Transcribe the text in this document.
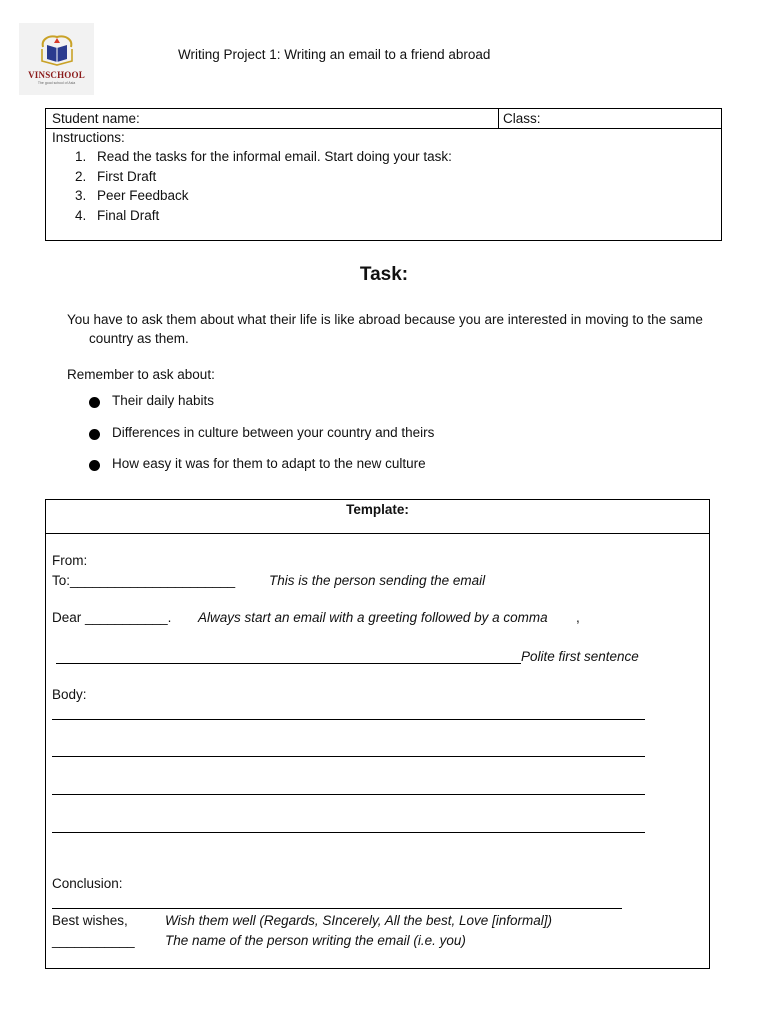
VINSCHOOL
The good school of Asia
Writing Project 1: Writing an email to a friend abroad
Student name:	Class:
Instructions:
1. Read the tasks for the informal email. Start doing your task:
2. First Draft
3. Peer Feedback
4. Final Draft
Task:
You have to ask them about what their life is like abroad because you are interested in moving to the same
country as them.
Remember to ask about:
Their daily habits
Differences in culture between your country and theirs
How easy it was for them to adapt to the new culture
Template:
From:
To:______________________	This is the person sending the email
Dear ___________. Always start an email with a greeting followed by a comma ,
Polite first sentence
Body:
Conclusion:
Best wishes,	Wish them well (Regards, SIncerely, All the best, Love [informal])
___________ The name of the person writing the email (i.e. you)
